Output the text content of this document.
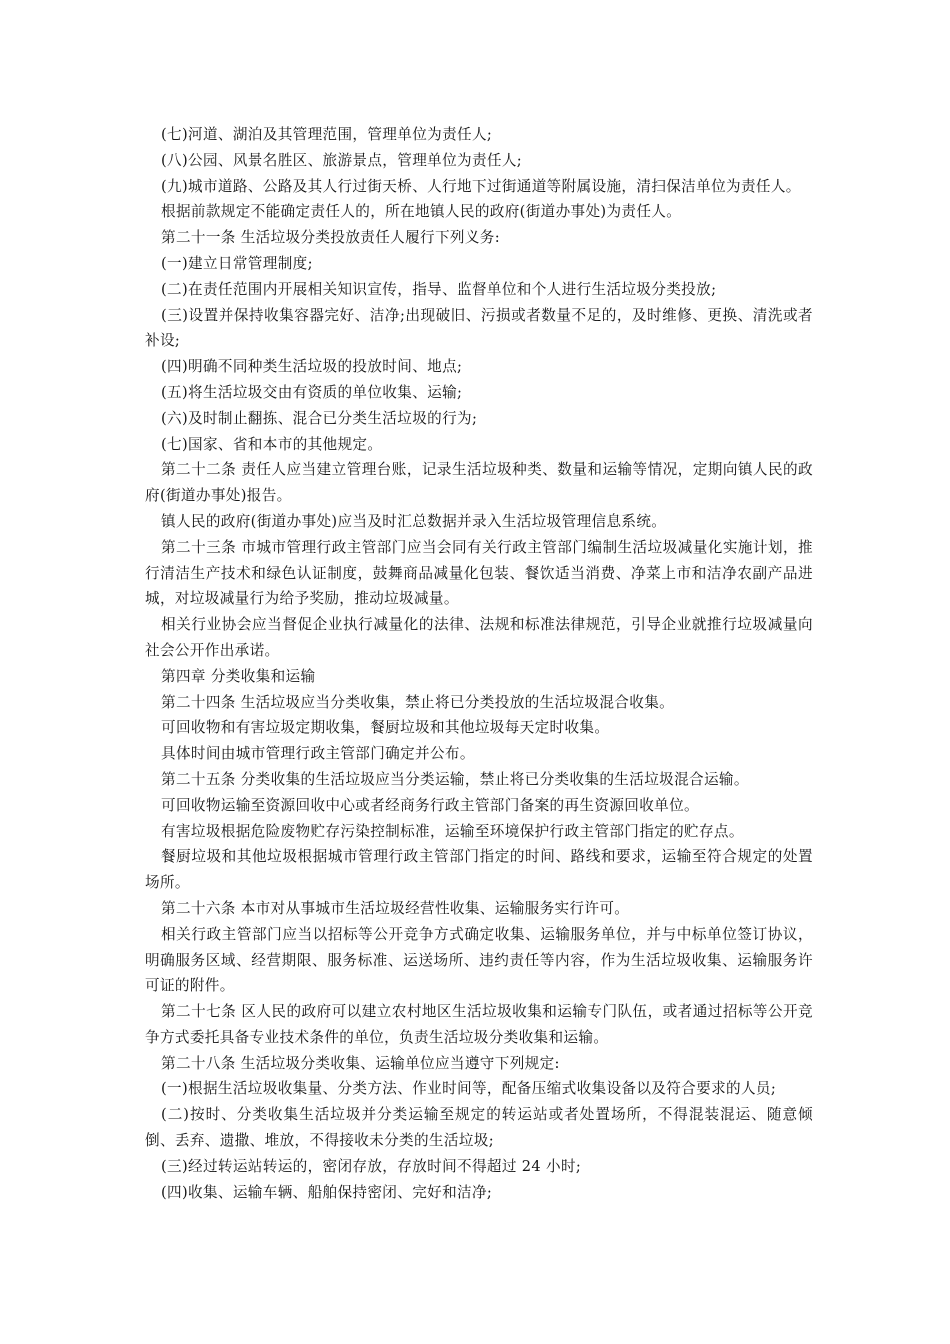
(七)河道、湖泊及其管理范围，管理单位为责任人;

(八)公园、风景名胜区、旅游景点，管理单位为责任人;

(九)城市道路、公路及其人行过街天桥、人行地下过街通道等附属设施，清扫保洁单位为责任人。

根据前款规定不能确定责任人的，所在地镇人民的政府(街道办事处)为责任人。

第二十一条 生活垃圾分类投放责任人履行下列义务:

(一)建立日常管理制度;

(二)在责任范围内开展相关知识宣传，指导、监督单位和个人进行生活垃圾分类投放;

(三)设置并保持收集容器完好、洁净;出现破旧、污损或者数量不足的，及时维修、更换、清洗或者补设;

(四)明确不同种类生活垃圾的投放时间、地点;

(五)将生活垃圾交由有资质的单位收集、运输;

(六)及时制止翻拣、混合已分类生活垃圾的行为;

(七)国家、省和本市的其他规定。

第二十二条 责任人应当建立管理台账，记录生活垃圾种类、数量和运输等情况，定期向镇人民的政府(街道办事处)报告。

镇人民的政府(街道办事处)应当及时汇总数据并录入生活垃圾管理信息系统。

第二十三条 市城市管理行政主管部门应当会同有关行政主管部门编制生活垃圾减量化实施计划，推行清洁生产技术和绿色认证制度，鼓舞商品减量化包装、餐饮适当消费、净菜上市和洁净农副产品进城，对垃圾减量行为给予奖励，推动垃圾减量。

相关行业协会应当督促企业执行减量化的法律、法规和标准法律规范，引导企业就推行垃圾减量向社会公开作出承诺。

第四章 分类收集和运输

第二十四条 生活垃圾应当分类收集，禁止将已分类投放的生活垃圾混合收集。

可回收物和有害垃圾定期收集，餐厨垃圾和其他垃圾每天定时收集。

具体时间由城市管理行政主管部门确定并公布。

第二十五条 分类收集的生活垃圾应当分类运输，禁止将已分类收集的生活垃圾混合运输。

可回收物运输至资源回收中心或者经商务行政主管部门备案的再生资源回收单位。

有害垃圾根据危险废物贮存污染控制标准，运输至环境保护行政主管部门指定的贮存点。

餐厨垃圾和其他垃圾根据城市管理行政主管部门指定的时间、路线和要求，运输至符合规定的处置场所。

第二十六条 本市对从事城市生活垃圾经营性收集、运输服务实行许可。

相关行政主管部门应当以招标等公开竞争方式确定收集、运输服务单位，并与中标单位签订协议，明确服务区域、经营期限、服务标准、运送场所、违约责任等内容，作为生活垃圾收集、运输服务许可证的附件。

第二十七条 区人民的政府可以建立农村地区生活垃圾收集和运输专门队伍，或者通过招标等公开竞争方式委托具备专业技术条件的单位，负责生活垃圾分类收集和运输。

第二十八条 生活垃圾分类收集、运输单位应当遵守下列规定:

(一)根据生活垃圾收集量、分类方法、作业时间等，配备压缩式收集设备以及符合要求的人员;

(二)按时、分类收集生活垃圾并分类运输至规定的转运站或者处置场所，不得混装混运、随意倾倒、丢弃、遗撒、堆放，不得接收未分类的生活垃圾;

(三)经过转运站转运的，密闭存放，存放时间不得超过 24 小时;

(四)收集、运输车辆、船舶保持密闭、完好和洁净;
